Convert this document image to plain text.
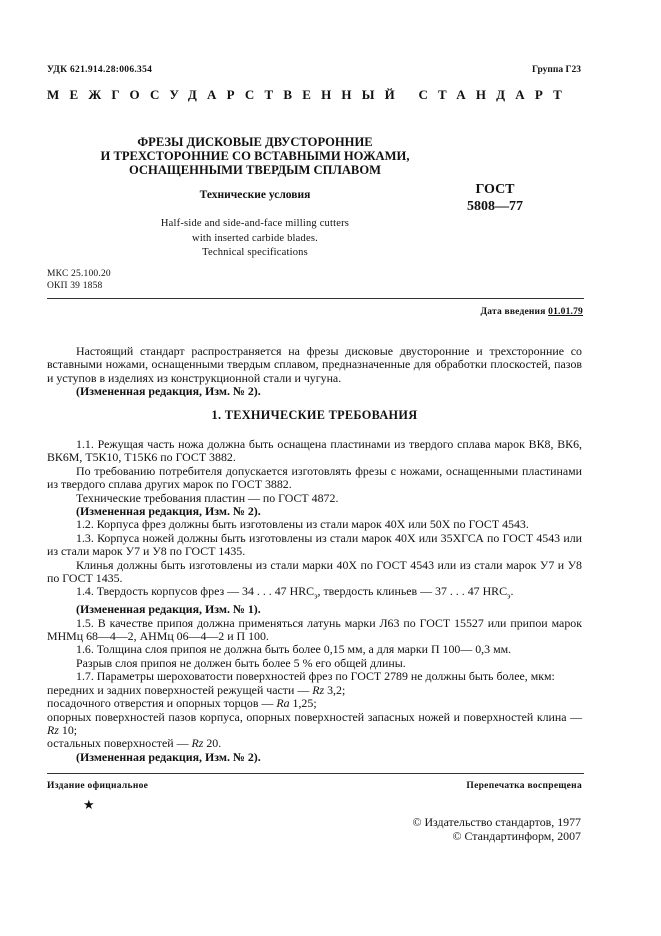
УДК 621.914.28:006.354	Группа Г23
МЕЖГОСУДАРСТВЕННЫЙ СТАНДАРТ
ФРЕЗЫ ДИСКОВЫЕ ДВУСТОРОННИЕ
И ТРЕХСТОРОННИЕ СО ВСТАВНЫМИ НОЖАМИ,
ОСНАЩЕННЫМИ ТВЕРДЫМ СПЛАВОМ
Технические условия	ГОСТ
5808—77
Half-side and side-and-face milling cutters
with inserted carbide blades.
Technical specifications
МКС 25.100.20
ОКП 39 1858
Дата введения 01.01.79

Настоящий стандарт распространяется на фрезы дисковые двусторонние и трехсторонние со вставными ножами, оснащенными твердым сплавом, предназначенные для обработки плоскостей, пазов и уступов в изделиях из конструкционной стали и чугуна.

(Измененная редакция, Изм. № 2).

1. ТЕХНИЧЕСКИЕ ТРЕБОВАНИЯ

1.1. Режущая часть ножа должна быть оснащена пластинами из твердого сплава марок ВК8, ВК6, ВК6М, Т5К10, Т15К6 по ГОСТ 3882.

По требованию потребителя допускается изготовлять фрезы с ножами, оснащенными пластинами из твердого сплава других марок по ГОСТ 3882.

Технические требования пластин — по ГОСТ 4872.

(Измененная редакция, Изм. № 2).

1.2. Корпуса фрез должны быть изготовлены из стали марок 40Х или 50Х по ГОСТ 4543.

1.3. Корпуса ножей должны быть изготовлены из стали марок 40Х или 35ХГСА по ГОСТ 4543 или из стали марок У7 и У8 по ГОСТ 1435.

Клинья должны быть изготовлены из стали марки 40Х по ГОСТ 4543 или из стали марок У7 и У8 по ГОСТ 1435.

1.4. Твердость корпусов фрез — 34 . . . 47 $HRC_э$, твердость клиньев — 37 . . . 47 $HRC_э$.

(Измененная редакция, Изм. № 1).

1.5. В качестве припоя должна применяться латунь марки Л63 по ГОСТ 15527 или припои марок МНМц 68—4—2, АНМц 06—4—2 и П 100.

1.6. Толщина слоя припоя не должна быть более 0,15 мм, а для марки П 100— 0,3 мм.

Разрыв слоя припоя не должен быть более 5 % его общей длины.

1.7. Параметры шероховатости поверхностей фрез по ГОСТ 2789 не должны быть более, мкм:

передних и задних поверхностей режущей части — Rz 3,2;

посадочного отверстия и опорных торцов — Ra 1,25;

опорных поверхностей пазов корпуса, опорных поверхностей запасных ножей и поверхностей клина — Rz 10;

остальных поверхностей — Rz 20.

(Измененная редакция, Изм. № 2).

Издание официальное	Перепечатка воспрещена
★
© Издательство стандартов, 1977
© Стандартинформ, 2007
